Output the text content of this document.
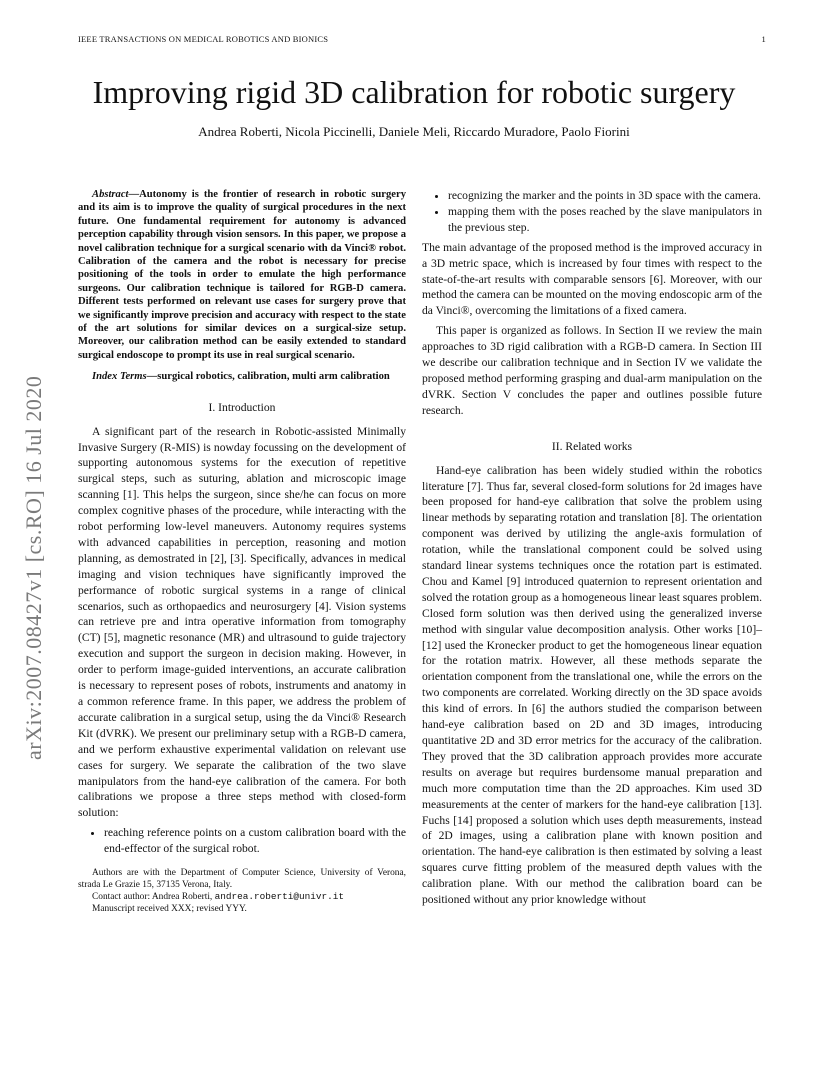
IEEE TRANSACTIONS ON MEDICAL ROBOTICS AND BIONICS	1
arXiv:2007.08427v1 [cs.RO] 16 Jul 2020
Improving rigid 3D calibration for robotic surgery
Andrea Roberti, Nicola Piccinelli, Daniele Meli, Riccardo Muradore, Paolo Fiorini

Abstract—Autonomy is the frontier of research in robotic surgery and its aim is to improve the quality of surgical procedures in the next future. One fundamental requirement for autonomy is advanced perception capability through vision sensors. In this paper, we propose a novel calibration technique for a surgical scenario with da Vinci® robot. Calibration of the camera and the robot is necessary for precise positioning of the tools in order to emulate the high performance surgeons. Our calibration technique is tailored for RGB-D camera. Different tests performed on relevant use cases for surgery prove that we significantly improve precision and accuracy with respect to the state of the art solutions for similar devices on a surgical-size setup. Moreover, our calibration method can be easily extended to standard surgical endoscope to prompt its use in real surgical scenario.

Index Terms—surgical robotics, calibration, multi arm calibration

I. Introduction

A significant part of the research in Robotic-assisted Minimally Invasive Surgery (R-MIS) is nowday focussing on the development of supporting autonomous systems for the execution of repetitive surgical steps, such as suturing, ablation and microscopic image scanning [1]. This helps the surgeon, since she/he can focus on more complex cognitive phases of the procedure, while interacting with the robot performing low-level maneuvers. Autonomy requires systems with advanced capabilities in perception, reasoning and motion planning, as demostrated in [2], [3]. Specifically, advances in medical imaging and vision techniques have significantly improved the performance of robotic surgical systems in a range of clinical scenarios, such as orthopaedics and neurosurgery [4]. Vision systems can retrieve pre and intra operative information from tomography (CT) [5], magnetic resonance (MR) and ultrasound to guide trajectory execution and support the surgeon in decision making. However, in order to perform image-guided interventions, an accurate calibration is necessary to represent poses of robots, instruments and anatomy in a common reference frame. In this paper, we address the problem of accurate calibration in a surgical setup, using the da Vinci® Research Kit (dVRK). We present our preliminary setup with a RGB-D camera, and we perform exhaustive experimental validation on relevant use cases for surgery. We separate the calibration of the two slave manipulators from the hand-eye calibration of the camera. For both calibrations we propose a three steps method with closed-form solution:

• reaching reference points on a custom calibration board with the end-effector of the surgical robot.

Authors are with the Department of Computer Science, University of Verona, strada Le Grazie 15, 37135 Verona, Italy.

Contact author: Andrea Roberti, andrea.roberti@univr.it

Manuscript received XXX; revised YYY.

• recognizing the marker and the points in 3D space with the camera.
• mapping them with the poses reached by the slave manipulators in the previous step.

The main advantage of the proposed method is the improved accuracy in a 3D metric space, which is increased by four times with respect to the state-of-the-art results with comparable sensors [6]. Moreover, with our method the camera can be mounted on the moving endoscopic arm of the da Vinci®, overcoming the limitations of a fixed camera.

This paper is organized as follows. In Section II we review the main approaches to 3D rigid calibration with a RGB-D camera. In Section III we describe our calibration technique and in Section IV we validate the proposed method performing grasping and dual-arm manipulation on the dVRK. Section V concludes the paper and outlines possible future research.

II. Related works

Hand-eye calibration has been widely studied within the robotics literature [7]. Thus far, several closed-form solutions for 2d images have been proposed for hand-eye calibration that solve the problem using linear methods by separating rotation and translation [8]. The orientation component was derived by utilizing the angle-axis formulation of rotation, while the translational component could be solved using standard linear systems techniques once the rotation part is estimated. Chou and Kamel [9] introduced quaternion to represent orientation and solved the rotation group as a homogeneous linear least squares problem. Closed form solution was then derived using the generalized inverse method with singular value decomposition analysis. Other works [10]–[12] used the Kronecker product to get the homogeneous linear equation for the rotation matrix. However, all these methods separate the orientation component from the translational one, while the errors on the two components are correlated. Working directly on the 3D space avoids this kind of errors. In [6] the authors studied the comparison between hand-eye calibration based on 2D and 3D images, introducing quantitative 2D and 3D error metrics for the accuracy of the calibration. They proved that the 3D calibration approach provides more accurate results on average but requires burdensome manual preparation and much more computation time than the 2D approaches. Kim used 3D measurements at the center of markers for the hand-eye calibration [13]. Fuchs [14] proposed a solution which uses depth measurements, instead of 2D images, using a calibration plane with known position and orientation. The hand-eye calibration is then estimated by solving a least squares curve fitting problem of the measured depth values with the calibration plane. With our method the calibration board can be positioned without any prior knowledge without
